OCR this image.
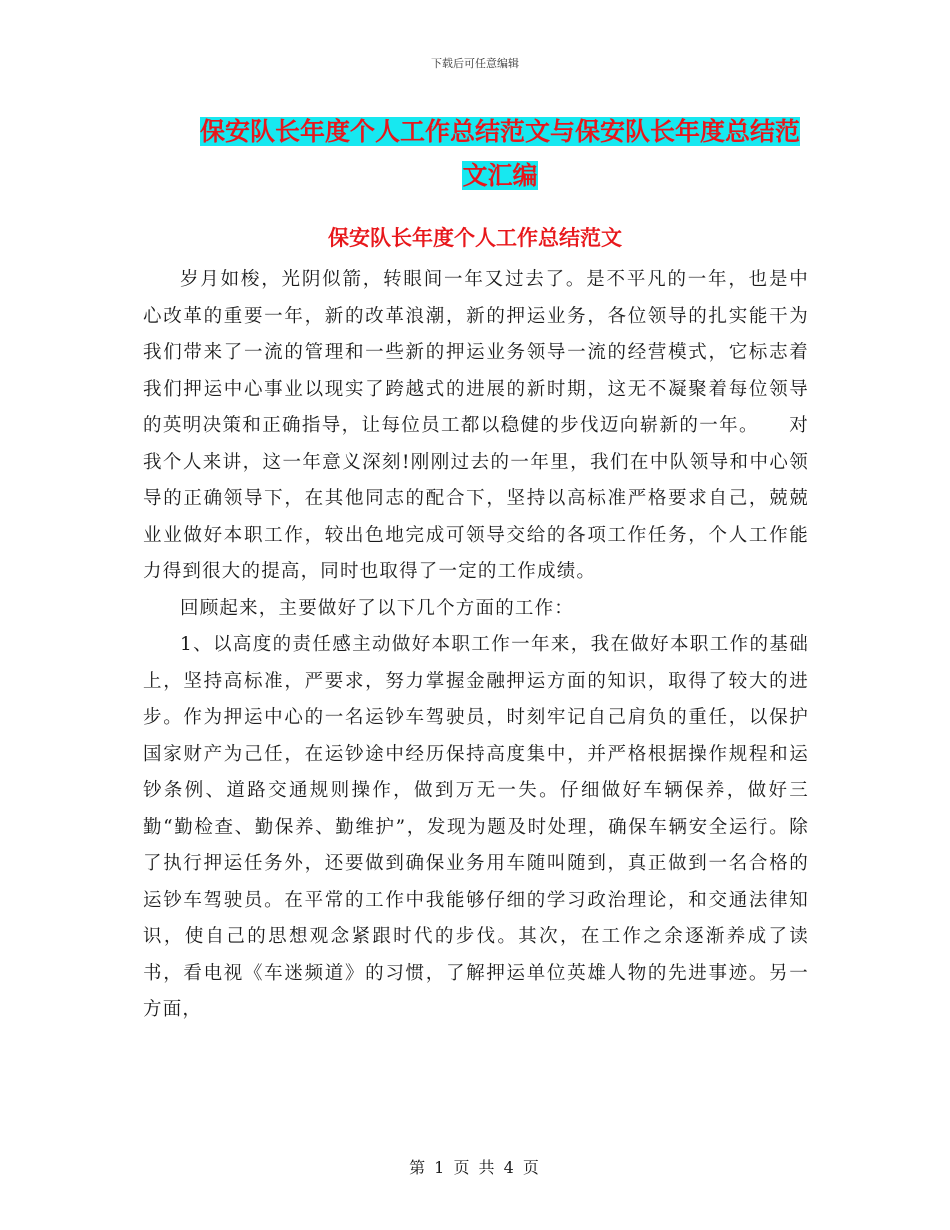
下载后可任意编辑
保安队长年度个人工作总结范文与保安队长年度总结范文汇编
保安队长年度个人工作总结范文

岁月如梭，光阴似箭，转眼间一年又过去了。是不平凡的一年，也是中心改革的重要一年，新的改革浪潮，新的押运业务，各位领导的扎实能干为我们带来了一流的管理和一些新的押运业务领导一流的经营模式，它标志着我们押运中心事业以现实了跨越式的进展的新时期，这无不凝聚着每位领导的英明决策和正确指导，让每位员工都以稳健的步伐迈向崭新的一年。　　对我个人来讲，这一年意义深刻!刚刚过去的一年里，我们在中队领导和中心领导的正确领导下，在其他同志的配合下，坚持以高标准严格要求自己，兢兢业业做好本职工作，较出色地完成可领导交给的各项工作任务，个人工作能力得到很大的提高，同时也取得了一定的工作成绩。

回顾起来，主要做好了以下几个方面的工作：

1、以高度的责任感主动做好本职工作一年来，我在做好本职工作的基础上，坚持高标准，严要求，努力掌握金融押运方面的知识，取得了较大的进步。作为押运中心的一名运钞车驾驶员，时刻牢记自己肩负的重任，以保护国家财产为己任，在运钞途中经历保持高度集中，并严格根据操作规程和运钞条例、道路交通规则操作，做到万无一失。仔细做好车辆保养，做好三勤“勤检查、勤保养、勤维护”，发现为题及时处理，确保车辆安全运行。除了执行押运任务外，还要做到确保业务用车随叫随到，真正做到一名合格的运钞车驾驶员。在平常的工作中我能够仔细的学习政治理论，和交通法律知识，使自己的思想观念紧跟时代的步伐。其次，在工作之余逐渐养成了读书，看电视《车迷频道》的习惯，了解押运单位英雄人物的先进事迹。另一方面，

第 1 页 共 4 页
